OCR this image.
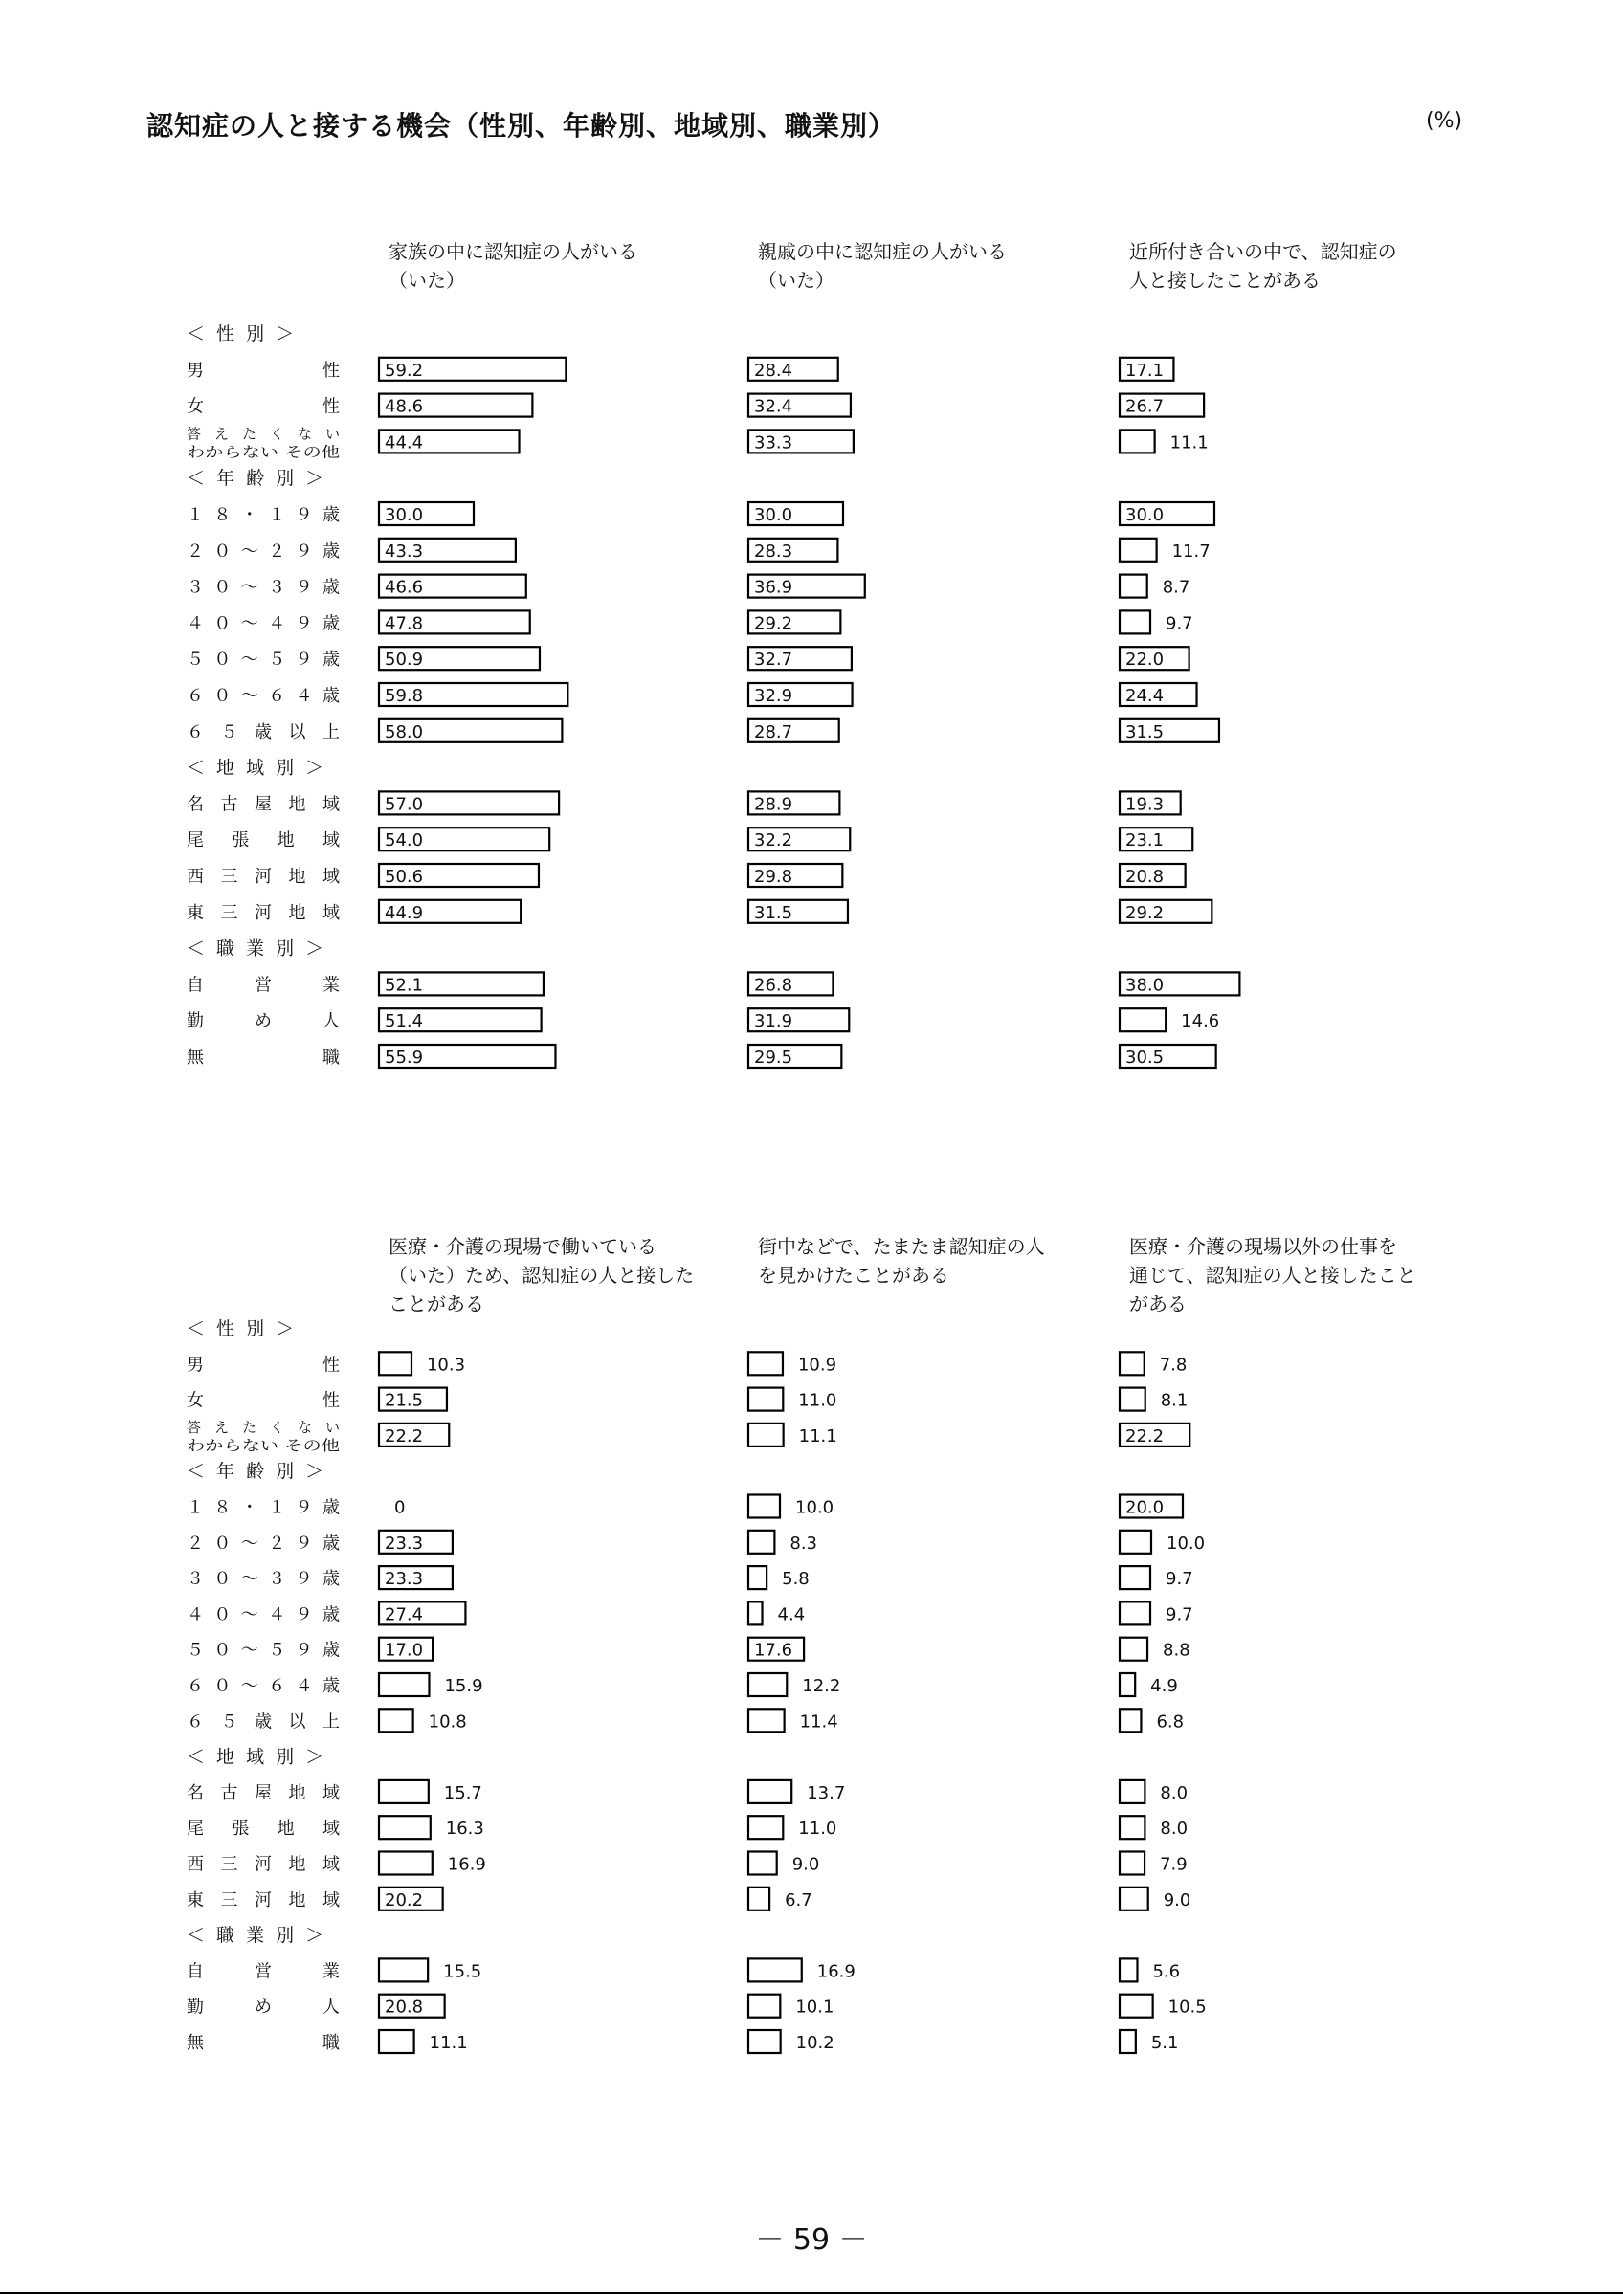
認知症の人と接する機会（性別、年齢別、地域別、職業別）	(%)
家族の中に認知症の人がいる
（いた）
親戚の中に認知症の人がいる
（いた）
近所付き合いの中で、認知症の
人と接したことがある
＜ 性 別 ＞
男　　　性	59.2	28.4	17.1
女　　　性	48.6	32.4	26.7
答えたくない
わからない その他	44.4	33.3	11.1
＜ 年 齢 別 ＞
１８・１９歳	30.0	30.0	30.0
２０～２９歳	43.3	28.3	11.7
３０～３９歳	46.6	36.9	8.7
４０～４９歳	47.8	29.2	9.7
５０～５９歳	50.9	32.7	22.0
６０～６４歳	59.8	32.9	24.4
６５歳以上	58.0	28.7	31.5
＜ 地 域 別 ＞
名古屋地域	57.0	28.9	19.3
尾　張　地　域	54.0	32.2	23.1
西三河地域	50.6	29.8	20.8
東三河地域	44.9	31.5	29.2
＜ 職 業 別 ＞
自　　営　　業	52.1	26.8	38.0
勤　　め　　人	51.4	31.9	14.6
無　　　　職	55.9	29.5	30.5
医療・介護の現場で働いている
（いた）ため、認知症の人と接した
ことがある
街中などで、たまたま認知症の人
を見かけたことがある
医療・介護の現場以外の仕事を
通じて、認知症の人と接したこと
がある
＜ 性 別 ＞
男　　　性	10.3	10.9	7.8
女　　　性	21.5	11.0	8.1
答えたくない
わからない その他	22.2	11.1	22.2
＜ 年 齢 別 ＞
１８・１９歳	0	10.0	20.0
２０～２９歳	23.3	8.3	10.0
３０～３９歳	23.3	5.8	9.7
４０～４９歳	27.4	4.4	9.7
５０～５９歳	17.0	17.6	8.8
６０～６４歳	15.9	12.2	4.9
６５歳以上	10.8	11.4	6.8
＜ 地 域 別 ＞
名古屋地域	15.7	13.7	8.0
尾　張　地　域	16.3	11.0	8.0
西三河地域	16.9	9.0	7.9
東三河地域	20.2	6.7	9.0
＜ 職 業 別 ＞
自　　営　　業	15.5	16.9	5.6
勤　　め　　人	20.8	10.1	10.5
無　　　　職	11.1	10.2	5.1
－ 59 －
